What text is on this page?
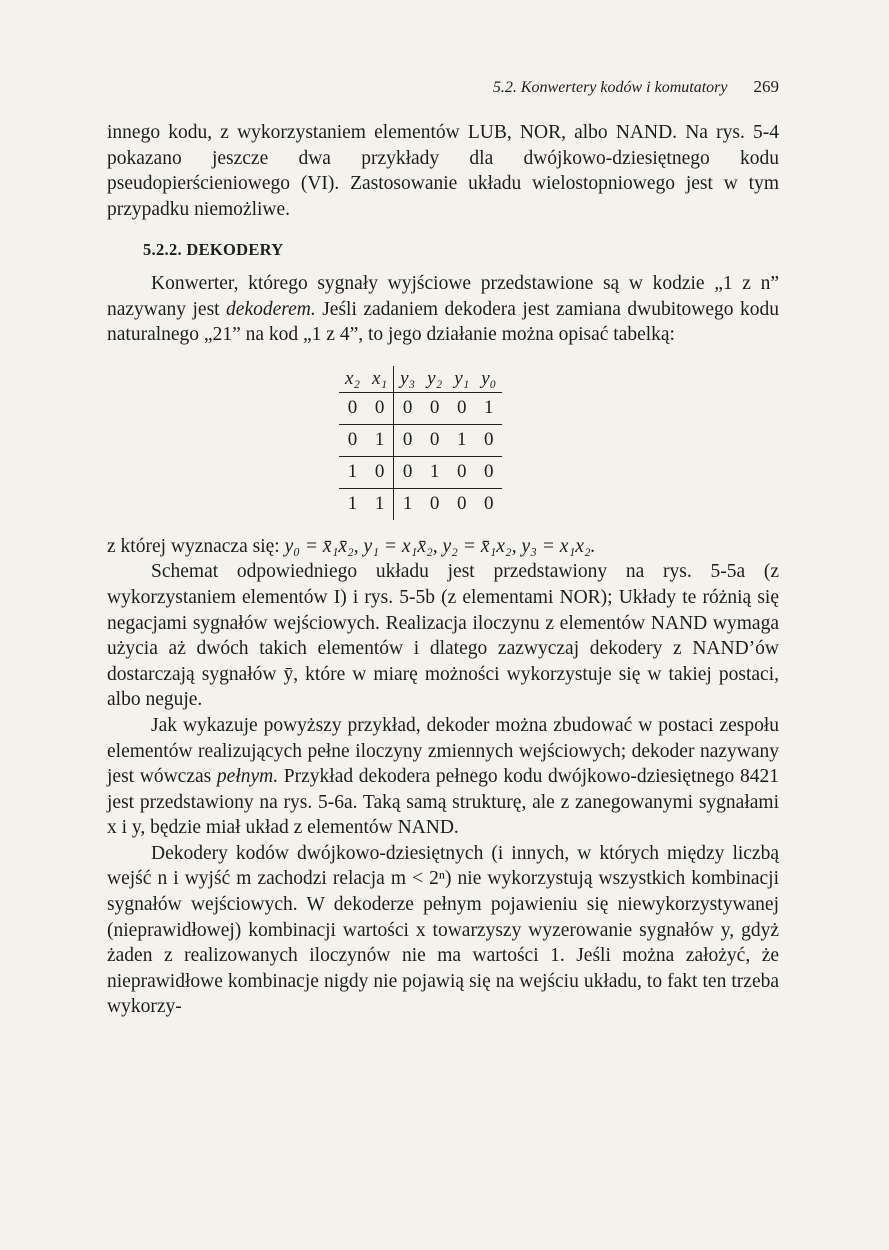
5.2. Konwertery kodów i komutatory 269

innego kodu, z wykorzystaniem elementów LUB, NOR, albo NAND. Na rys. 5-4 pokazano jeszcze dwa przykłady dla dwójkowo-dziesiętnego kodu pseudopierścieniowego (VI). Zastosowanie układu wielostopniowego jest w tym przypadku niemożliwe.

5.2.2. DEKODERY

Konwerter, którego sygnały wyjściowe przedstawione są w kodzie „1 z n” nazywany jest dekoderem. Jeśli zadaniem dekodera jest zamiana dwubitowego kodu naturalnego „21” na kod „1 z 4”, to jego działanie można opisać tabelką:

x₂	x₁	y₃	y₂	y₁	y₀
0	0	0	0	0	1
0	1	0	0	1	0
1	0	0	1	0	0
1	1	1	0	0	0

z której wyznacza się: y₀ = x̄₁x̄₂, y₁ = x₁x̄₂, y₂ = x̄₁x₂, y₃ = x₁x₂.

Schemat odpowiedniego układu jest przedstawiony na rys. 5-5a (z wykorzystaniem elementów I) i rys. 5-5b (z elementami NOR); Układy te różnią się negacjami sygnałów wejściowych. Realizacja iloczynu z elementów NAND wymaga użycia aż dwóch takich elementów i dlatego zazwyczaj dekodery z NAND’ów dostarczają sygnałów ȳ, które w miarę możności wykorzystuje się w takiej postaci, albo neguje.

Jak wykazuje powyższy przykład, dekoder można zbudować w postaci zespołu elementów realizujących pełne iloczyny zmiennych wejściowych; dekoder nazywany jest wówczas pełnym. Przykład dekodera pełnego kodu dwójkowo-dziesiętnego 8421 jest przedstawiony na rys. 5-6a. Taką samą strukturę, ale z zanegowanymi sygnałami x i y, będzie miał układ z elementów NAND.

Dekodery kodów dwójkowo-dziesiętnych (i innych, w których między liczbą wejść n i wyjść m zachodzi relacja m < 2ⁿ) nie wykorzystują wszystkich kombinacji sygnałów wejściowych. W dekoderze pełnym pojawieniu się niewykorzystywanej (nieprawidłowej) kombinacji wartości x towarzyszy wyzerowanie sygnałów y, gdyż żaden z realizowanych iloczynów nie ma wartości 1. Jeśli można założyć, że nieprawidłowe kombinacje nigdy nie pojawią się na wejściu układu, to fakt ten trzeba wykorzy-
